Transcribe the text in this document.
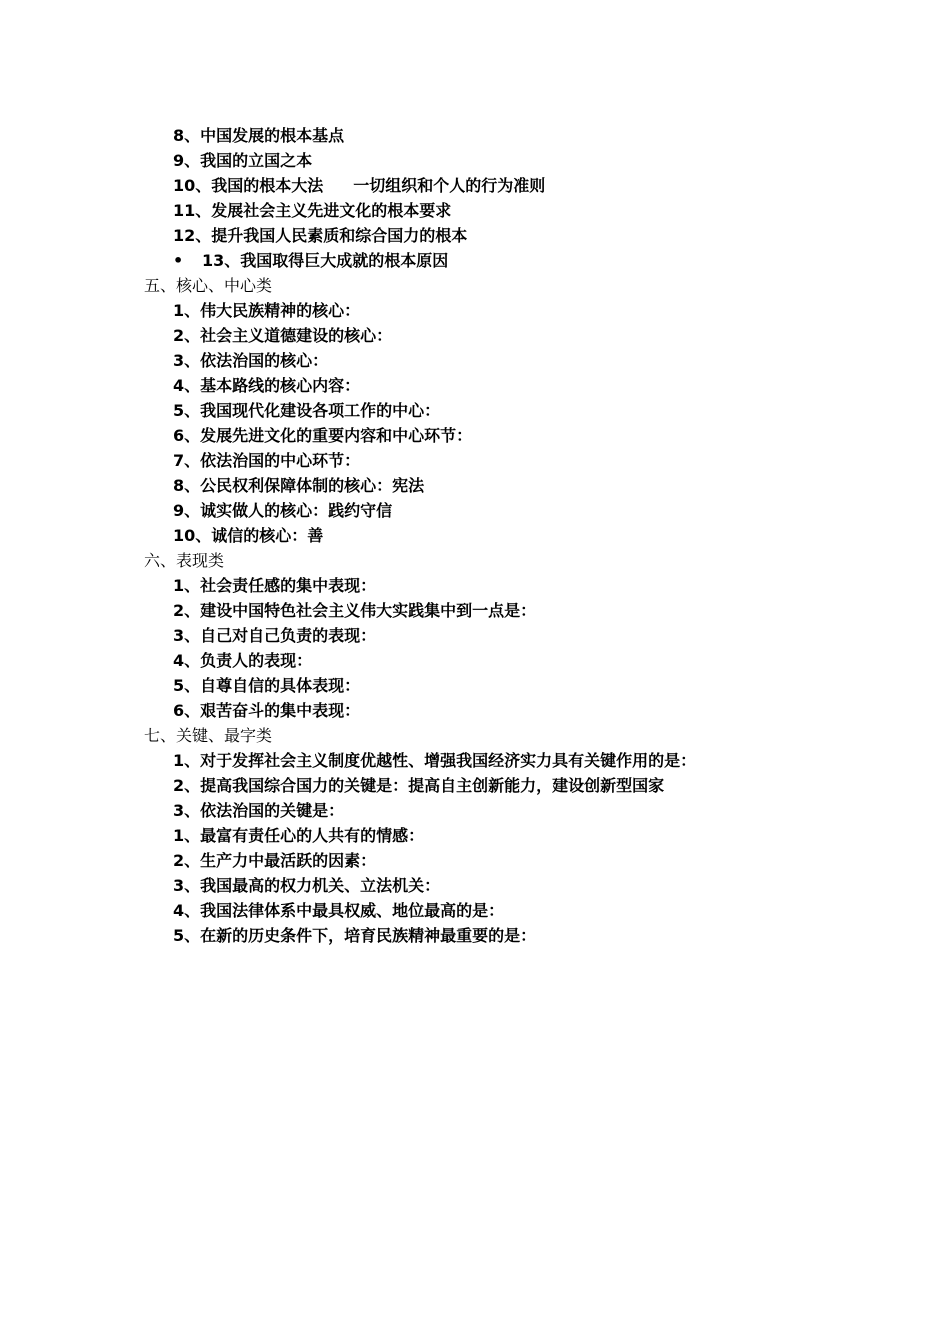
8、中国发展的根本基点
9、我国的立国之本
10、我国的根本大法 一切组织和个人的行为准则
11、发展社会主义先进文化的根本要求
12、提升我国人民素质和综合国力的根本
• 13、我国取得巨大成就的根本原因
五、核心、中心类
1、伟大民族精神的核心：
2、社会主义道德建设的核心：
3、依法治国的核心：
4、基本路线的核心内容：
5、我国现代化建设各项工作的中心：
6、发展先进文化的重要内容和中心环节：
7、依法治国的中心环节：
8、公民权利保障体制的核心：宪法
9、诚实做人的核心：践约守信
10、诚信的核心：善
六、表现类
1、社会责任感的集中表现：
2、建设中国特色社会主义伟大实践集中到一点是：
3、自己对自己负责的表现：
4、负责人的表现：
5、自尊自信的具体表现：
6、艰苦奋斗的集中表现：
七、关键、最字类
1、对于发挥社会主义制度优越性、增强我国经济实力具有关键作用的是：
2、提高我国综合国力的关键是：提高自主创新能力，建设创新型国家
3、依法治国的关键是：
1、最富有责任心的人共有的情感：
2、生产力中最活跃的因素：
3、我国最高的权力机关、立法机关：
4、我国法律体系中最具权威、地位最高的是：
5、在新的历史条件下，培育民族精神最重要的是：
